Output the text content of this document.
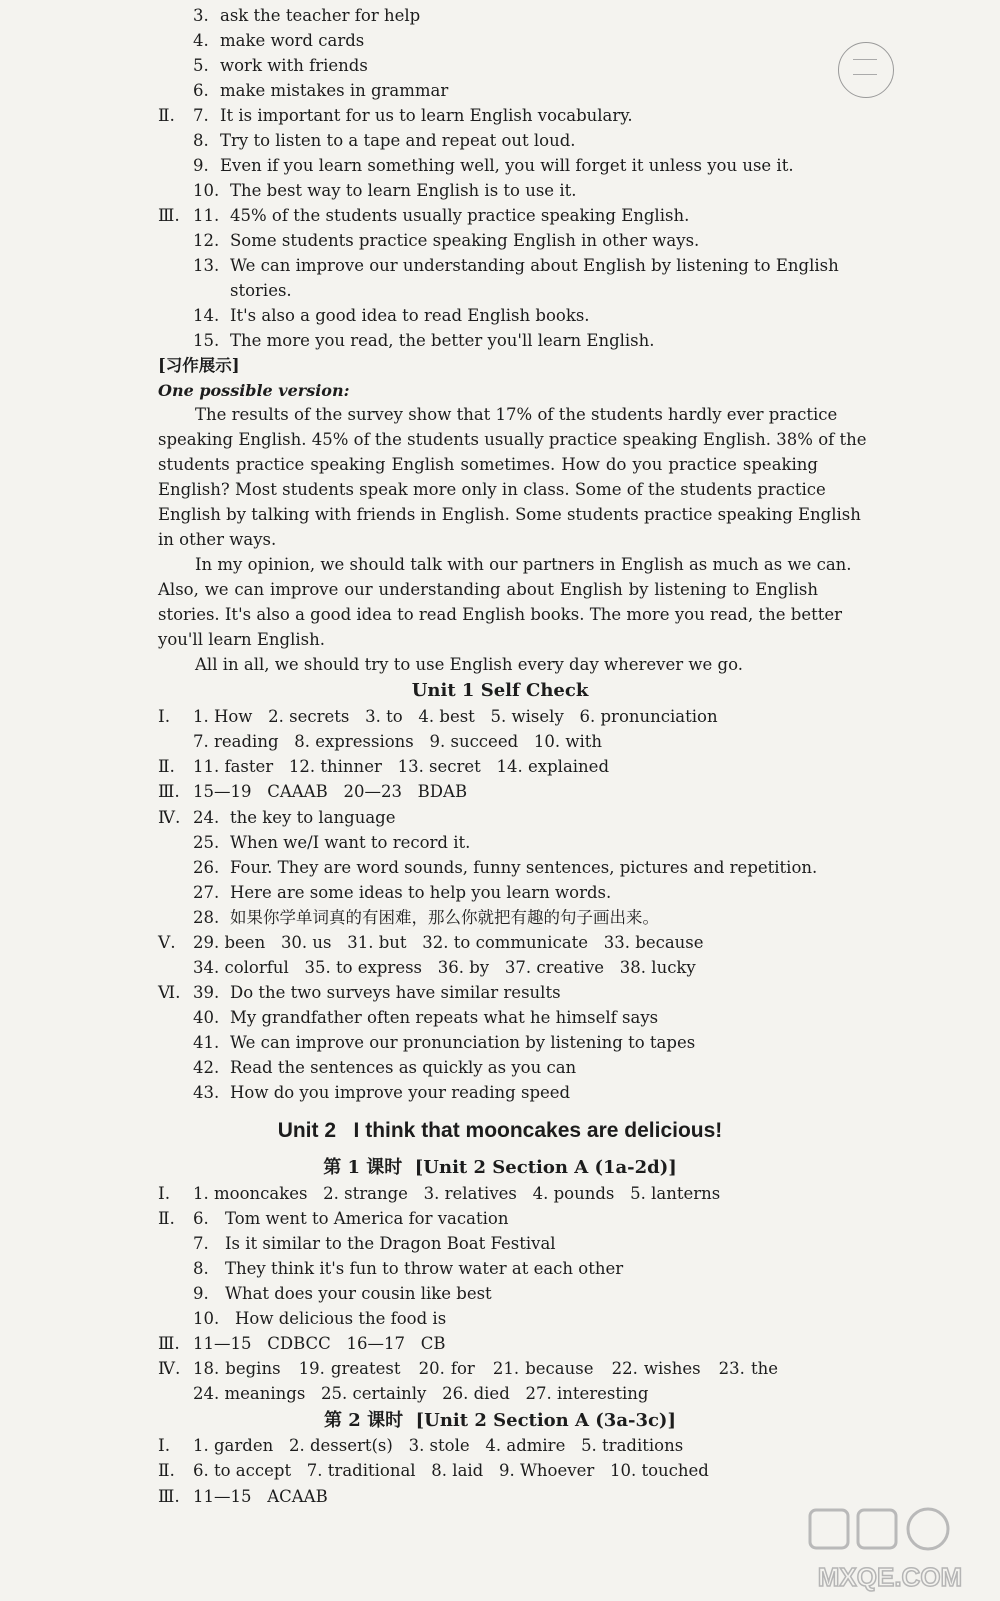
3. ask the teacher for help
4. make word cards
5. work with friends
6. make mistakes in grammar
Ⅱ. 7. It is important for us to learn English vocabulary.
8. Try to listen to a tape and repeat out loud.
9. Even if you learn something well, you will forget it unless you use it.
10. The best way to learn English is to use it.
Ⅲ. 11. 45% of the students usually practice speaking English.
12. Some students practice speaking English in other ways.
13. We can improve our understanding about English by listening to English
stories.
14. It's also a good idea to read English books.
15. The more you read, the better you'll learn English.
[习作展示]
One possible version:
The results of the survey show that 17% of the students hardly ever practice
speaking English. 45% of the students usually practice speaking English. 38% of the
students practice speaking English sometimes. How do you practice speaking
English? Most students speak more only in class. Some of the students practice
English by talking with friends in English. Some students practice speaking English
in other ways.
In my opinion, we should talk with our partners in English as much as we can.
Also, we can improve our understanding about English by listening to English
stories. It's also a good idea to read English books. The more you read, the better
you'll learn English.
All in all, we should try to use English every day wherever we go.
Unit 1 Self Check
Ⅰ. 1. How   2. secrets   3. to   4. best   5. wisely   6. pronunciation
7. reading   8. expressions   9. succeed   10. with
Ⅱ. 11. faster   12. thinner   13. secret   14. explained
Ⅲ. 15—19   CAAAB   20—23   BDAB
Ⅳ. 24. the key to language
25. When we/I want to record it.
26. Four. They are word sounds, funny sentences, pictures and repetition.
27. Here are some ideas to help you learn words.
28. 如果你学单词真的有困难，那么你就把有趣的句子画出来。
Ⅴ. 29. been   30. us   31. but   32. to communicate   33. because
34. colorful   35. to express   36. by   37. creative   38. lucky
Ⅵ. 39. Do the two surveys have similar results
40. My grandfather often repeats what he himself says
41. We can improve our pronunciation by listening to tapes
42. Read the sentences as quickly as you can
43. How do you improve your reading speed
Unit 2   I think that mooncakes are delicious!
第 1 课时  [Unit 2 Section A (1a-2d)]
Ⅰ. 1. mooncakes   2. strange   3. relatives   4. pounds   5. lanterns
Ⅱ. 6. Tom went to America for vacation
7. Is it similar to the Dragon Boat Festival
8. They think it's fun to throw water at each other
9. What does your cousin like best
10. How delicious the food is
Ⅲ. 11—15   CDBCC   16—17   CB
Ⅳ. 18. begins   19. greatest   20. for   21. because   22. wishes   23. the
24. meanings   25. certainly   26. died   27. interesting
第 2 课时  [Unit 2 Section A (3a-3c)]
Ⅰ. 1. garden   2. dessert(s)   3. stole   4. admire   5. traditions
Ⅱ. 6. to accept   7. traditional   8. laid   9. Whoever   10. touched
Ⅲ. 11—15   ACAAB
MXQE.COM
